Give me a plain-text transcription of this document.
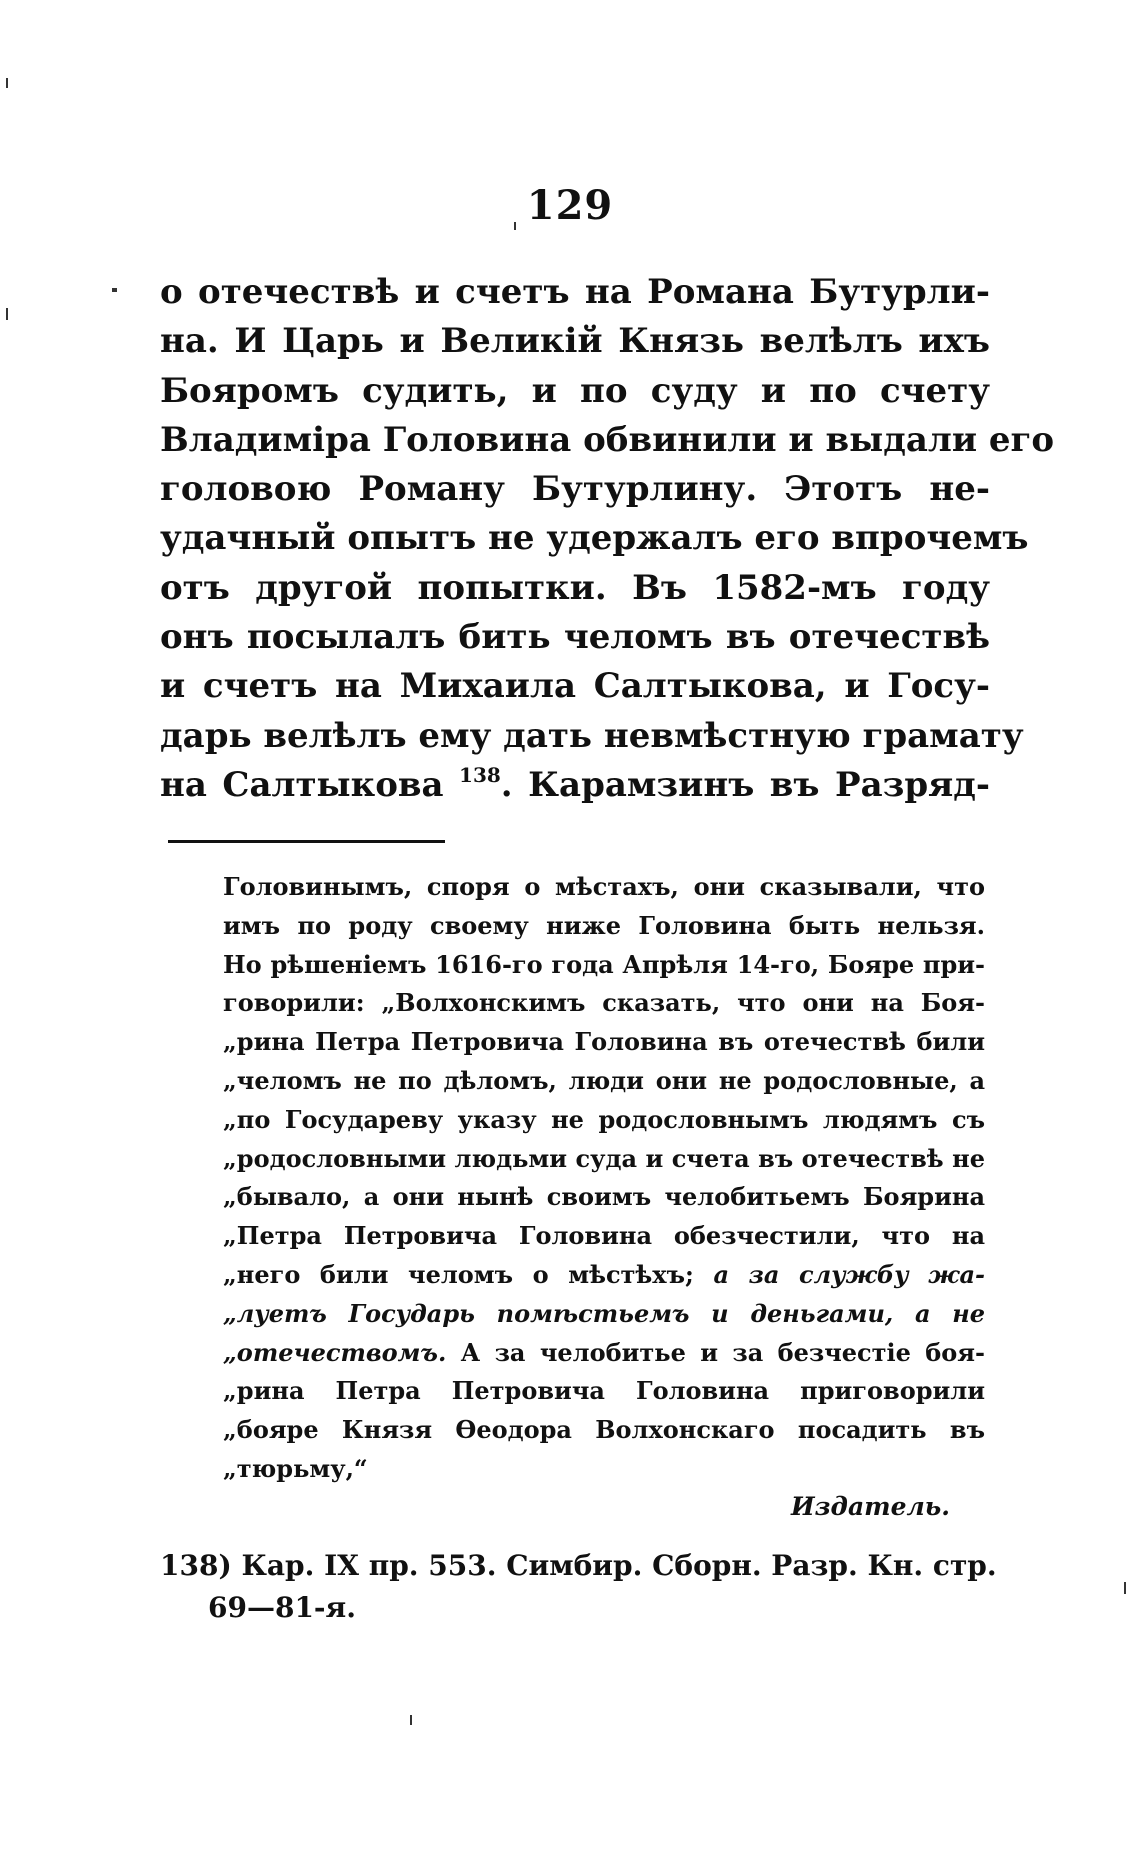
129
о отечествѣ и счетъ на Романа Бутурли-
на. И Царь и Великій Князь велѣлъ ихъ
Бояромъ судить, и по суду и по счету
Владиміра Головина обвинили и выдали его
головою Роману Бутурлину. Этотъ не-
удачный опытъ не удержалъ его впрочемъ
отъ другой попытки. Въ 1582-мъ году
онъ посылалъ бить челомъ въ отечествѣ
и счетъ на Михаила Салтыкова, и Госу-
дарь велѣлъ ему дать невмѣстную грамату
на Салтыкова $^{138}$. Карамзинъ въ Разряд-
Головинымъ, споря о мѣстахъ, они сказывали, что
имъ по роду своему ниже Головина быть нельзя.
Но рѣшеніемъ 1616-го года Апрѣля 14-го, Бояре при-
говорили: „Волхонскимъ сказать, что они на Боя-
„рина Петра Петровича Головина въ отечествѣ били
„челомъ не по дѣломъ, люди они не родословные, а
„по Государеву указу не родословнымъ людямъ съ
„родословными людьми суда и счета въ отечествѣ не
„бывало, а они нынѣ своимъ челобитьемъ Боярина
„Петра Петровича Головина обезчестили, что на
„него били челомъ о мѣстѣхъ; а за службу жа-
„луетъ Государь помѣстьемъ и деньгами, а не
„отечествомъ. А за челобитье и за безчестіе боя-
„рина Петра Петровича Головина приговорили
„бояре Князя Өеодора Волхонскаго посадить въ
„тюрьму,“
Издатель.
138) Кар. IX пр. 553. Симбир. Сборн. Разр. Кн. стр.
69—81-я.
